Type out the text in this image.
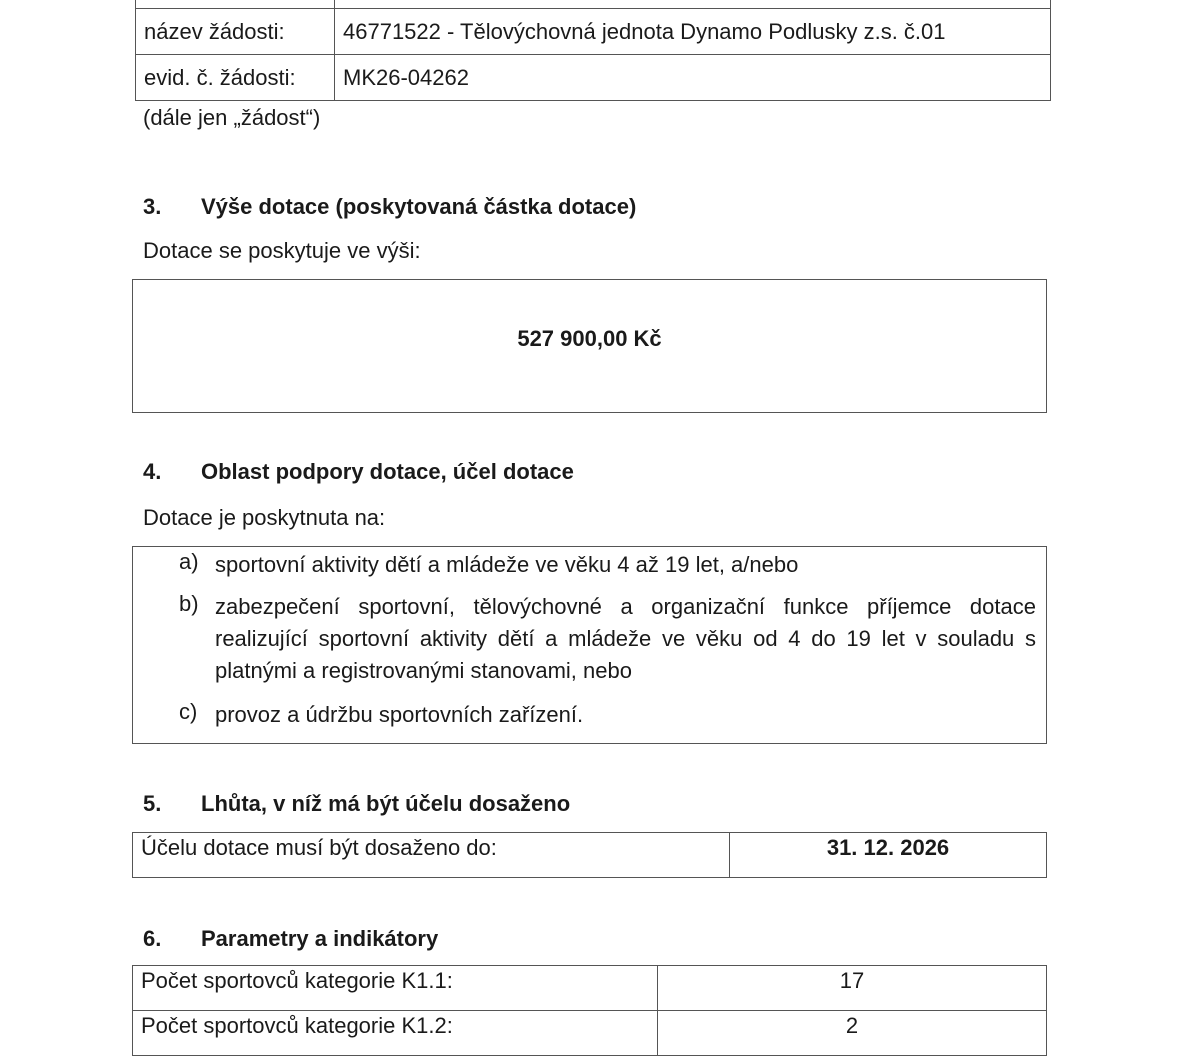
název žádosti:	46771522 - Tělovýchovná jednota Dynamo Podlusky z.s. č.01
evid. č. žádosti:	MK26-04262
(dále jen „žádost“)
3. Výše dotace (poskytovaná částka dotace)
Dotace se poskytuje ve výši:
527 900,00 Kč
4. Oblast podpory dotace, účel dotace
Dotace je poskytnuta na:
a) sportovní aktivity dětí a mládeže ve věku 4 až 19 let, a/nebo
b) zabezpečení sportovní, tělovýchovné a organizační funkce příjemce dotace realizující sportovní aktivity dětí a mládeže ve věku od 4 do 19 let v souladu s platnými a registrovanými stanovami, nebo
c) provoz a údržbu sportovních zařízení.
5. Lhůta, v níž má být účelu dosaženo
Účelu dotace musí být dosaženo do:	31. 12. 2026
6. Parametry a indikátory
Počet sportovců kategorie K1.1:	17
Počet sportovců kategorie K1.2:	2
